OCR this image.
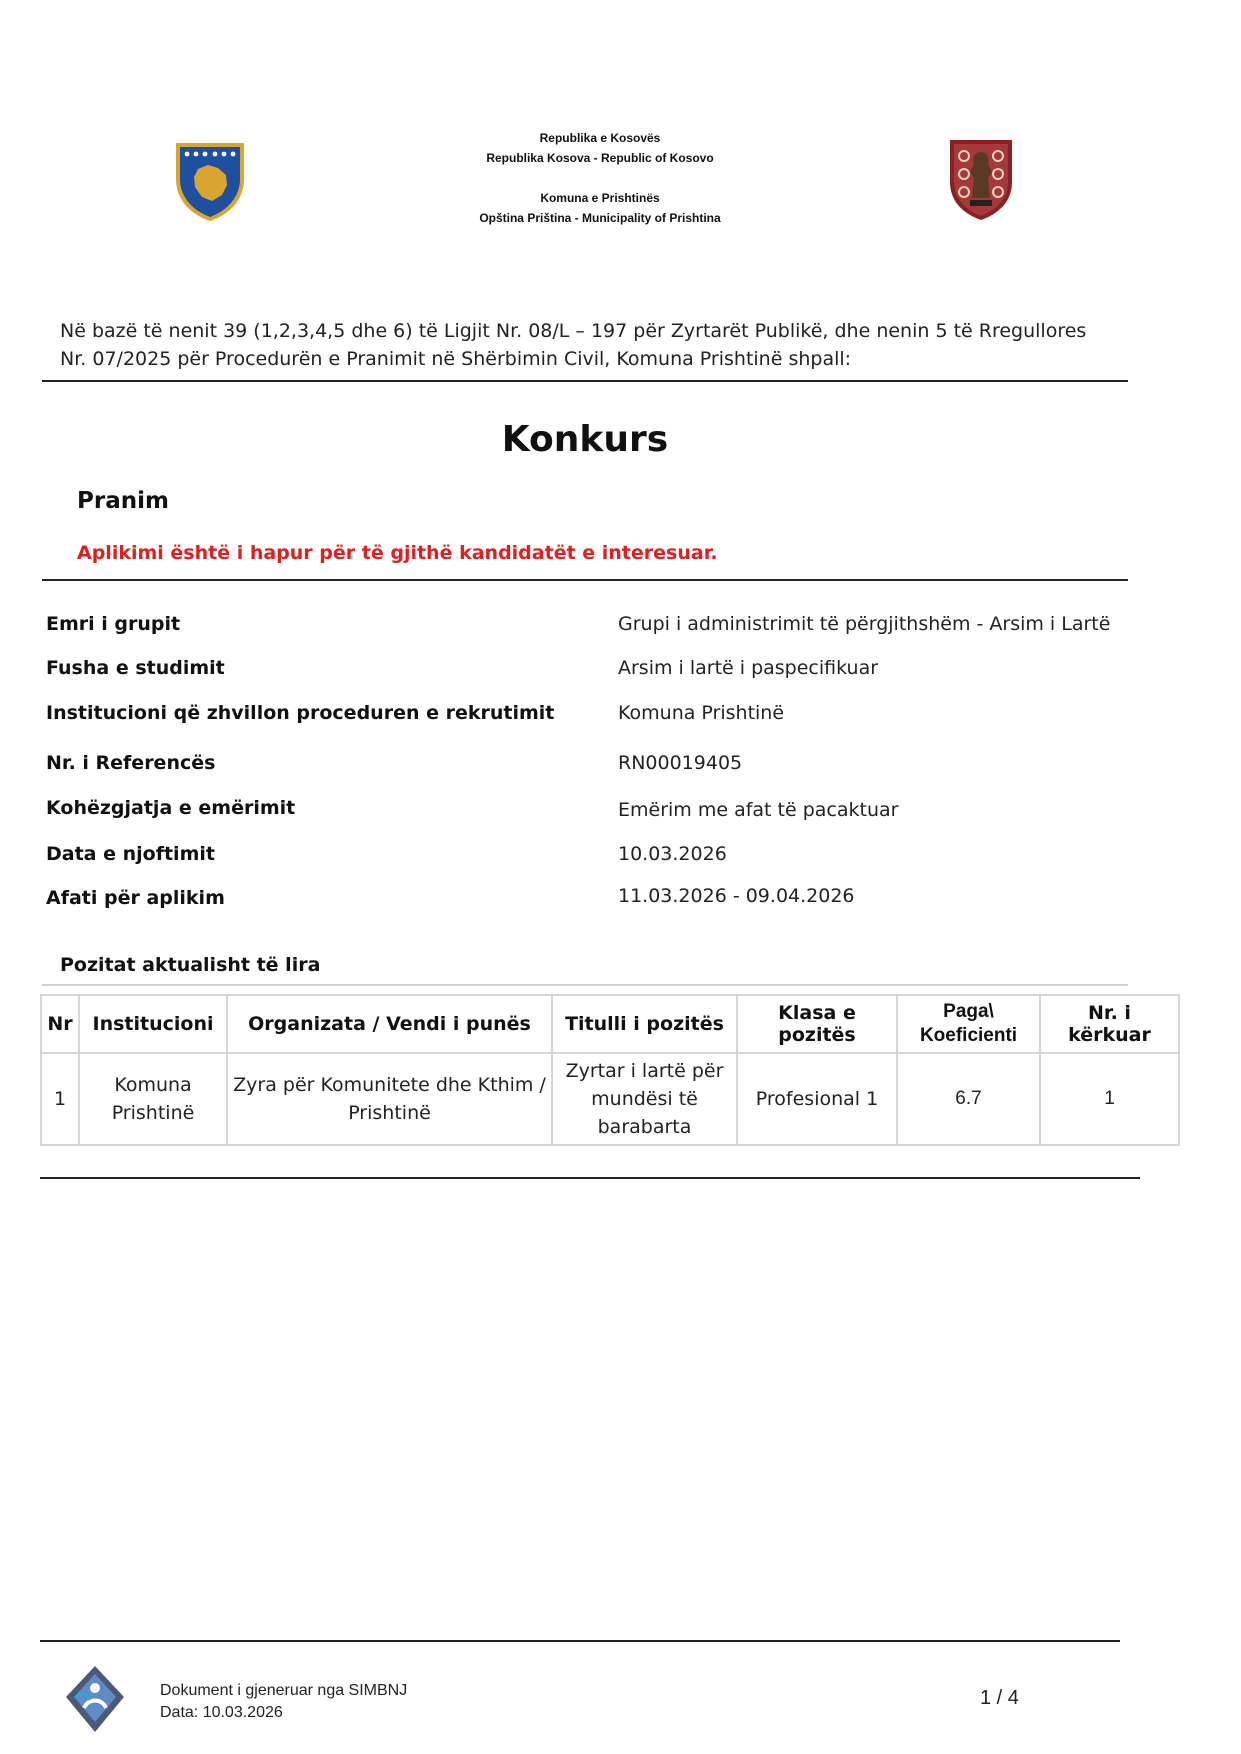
Republika e Kosovës
Republika Kosova - Republic of Kosovo
Komuna e Prishtinës
Opština Priština - Municipality of Prishtina
Në bazë të nenit 39 (1,2,3,4,5 dhe 6) të Ligjit Nr. 08/L – 197 për Zyrtarët Publikë, dhe nenin 5 të Rregullores Nr. 07/2025 për Procedurën e Pranimit në Shërbimin Civil, Komuna Prishtinë shpall:
Konkurs
Pranim
Aplikimi është i hapur për të gjithë kandidatët e interesuar.
Emri i grupit	Grupi i administrimit të përgjithshëm - Arsim i Lartë
Fusha e studimit	Arsim i lartë i paspecifikuar
Institucioni që zhvillon proceduren e rekrutimit	Komuna Prishtinë
Nr. i Referencës	RN00019405
Kohëzgjatja e emërimit	Emërim me afat të pacaktuar
Data e njoftimit	10.03.2026
Afati për aplikim	11.03.2026 - 09.04.2026
Pozitat aktualisht të lira
Nr	Institucioni	Organizata / Vendi i punës	Titulli i pozitës	Klasa e pozitës	Paga\ Koeficienti	Nr. i kërkuar
1	Komuna Prishtinë	Zyra për Komunitete dhe Kthim / Prishtinë	Zyrtar i lartë për mundësi të barabarta	Profesional 1	6.7	1
Dokument i gjeneruar nga SIMBNJ
Data: 10.03.2026
1 / 4
